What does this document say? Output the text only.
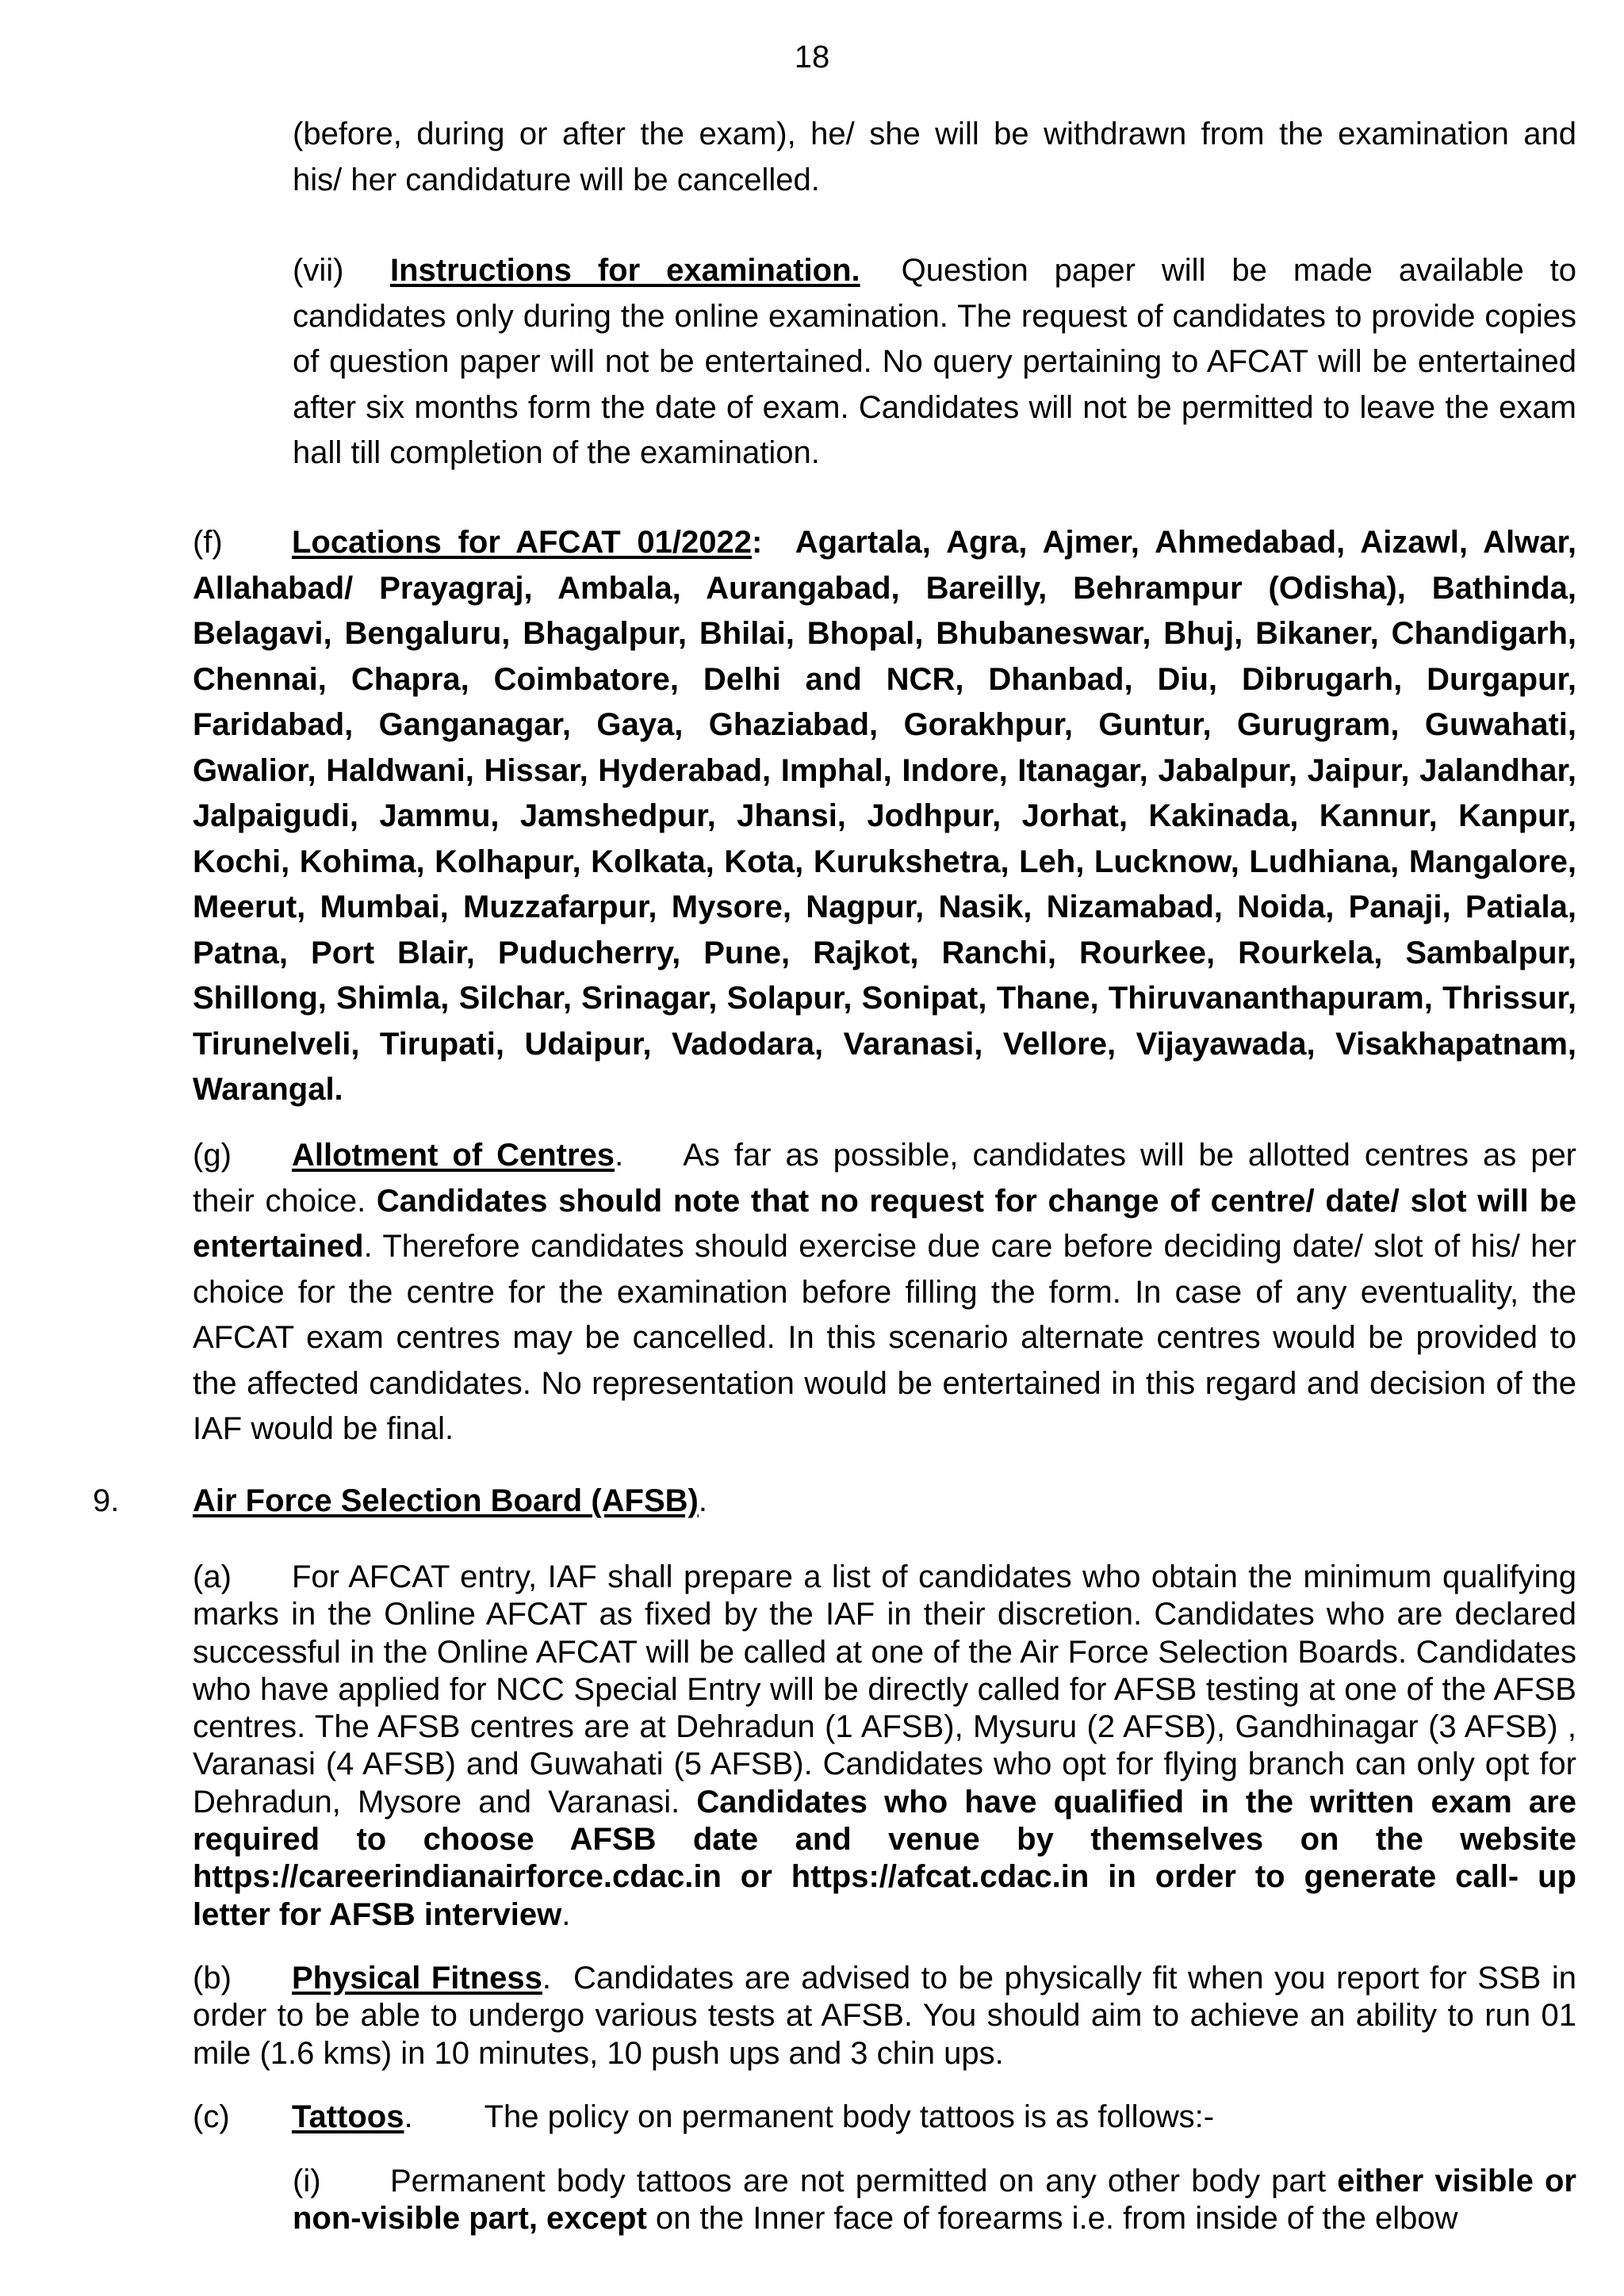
18
(before, during or after the exam), he/ she will be withdrawn from the examination and
his/ her candidature will be cancelled.
(vii) Instructions for examination. Question paper will be made available to candidates only during the online examination. The request of candidates to provide copies of question paper will not be entertained. No query pertaining to AFCAT will be entertained after six months form the date of exam. Candidates will not be permitted to leave the exam hall till completion of the examination.
(f) Locations for AFCAT 01/2022: Agartala, Agra, Ajmer, Ahmedabad, Aizawl, Alwar, Allahabad/ Prayagraj, Ambala, Aurangabad, Bareilly, Behrampur (Odisha), Bathinda, Belagavi, Bengaluru, Bhagalpur, Bhilai, Bhopal, Bhubaneswar, Bhuj, Bikaner, Chandigarh, Chennai, Chapra, Coimbatore, Delhi and NCR, Dhanbad, Diu, Dibrugarh, Durgapur, Faridabad, Ganganagar, Gaya, Ghaziabad, Gorakhpur, Guntur, Gurugram, Guwahati, Gwalior, Haldwani, Hissar, Hyderabad, Imphal, Indore, Itanagar, Jabalpur, Jaipur, Jalandhar, Jalpaigudi, Jammu, Jamshedpur, Jhansi, Jodhpur, Jorhat, Kakinada, Kannur, Kanpur, Kochi, Kohima, Kolhapur, Kolkata, Kota, Kurukshetra, Leh, Lucknow, Ludhiana, Mangalore, Meerut, Mumbai, Muzzafarpur, Mysore, Nagpur, Nasik, Nizamabad, Noida, Panaji, Patiala, Patna, Port Blair, Puducherry, Pune, Rajkot, Ranchi, Rourkee, Rourkela, Sambalpur, Shillong, Shimla, Silchar, Srinagar, Solapur, Sonipat, Thane, Thiruvananthapuram, Thrissur, Tirunelveli, Tirupati, Udaipur, Vadodara, Varanasi, Vellore, Vijayawada, Visakhapatnam, Warangal.
(g) Allotment of Centres. As far as possible, candidates will be allotted centres as per their choice. Candidates should note that no request for change of centre/ date/ slot will be entertained. Therefore candidates should exercise due care before deciding date/ slot of his/ her choice for the centre for the examination before filling the form. In case of any eventuality, the AFCAT exam centres may be cancelled. In this scenario alternate centres would be provided to the affected candidates. No representation would be entertained in this regard and decision of the IAF would be final.
9. Air Force Selection Board (AFSB).
(a) For AFCAT entry, IAF shall prepare a list of candidates who obtain the minimum qualifying marks in the Online AFCAT as fixed by the IAF in their discretion. Candidates who are declared successful in the Online AFCAT will be called at one of the Air Force Selection Boards. Candidates who have applied for NCC Special Entry will be directly called for AFSB testing at one of the AFSB centres. The AFSB centres are at Dehradun (1 AFSB), Mysuru (2 AFSB), Gandhinagar (3 AFSB) , Varanasi (4 AFSB) and Guwahati (5 AFSB). Candidates who opt for flying branch can only opt for Dehradun, Mysore and Varanasi. Candidates who have qualified in the written exam are required to choose AFSB date and venue by themselves on the website https://careerindianairforce.cdac.in or https://afcat.cdac.in in order to generate call- up letter for AFSB interview.
(b) Physical Fitness. Candidates are advised to be physically fit when you report for SSB in order to be able to undergo various tests at AFSB. You should aim to achieve an ability to run 01 mile (1.6 kms) in 10 minutes, 10 push ups and 3 chin ups.
(c) Tattoos. The policy on permanent body tattoos is as follows:-
(i) Permanent body tattoos are not permitted on any other body part either visible or non-visible part, except on the Inner face of forearms i.e. from inside of the elbow
